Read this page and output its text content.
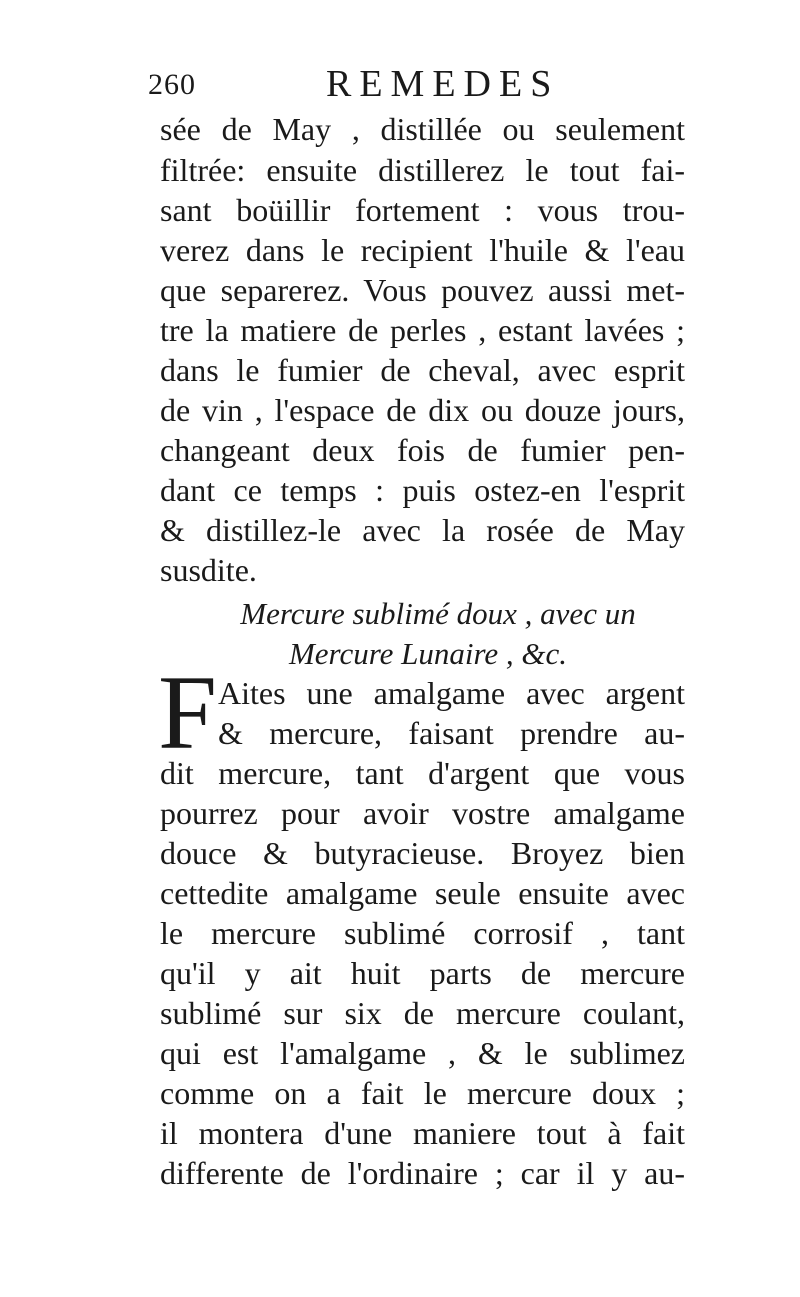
260	REMEDES
sée de May , distillée ou seulement
filtrée: ensuite distillerez le tout fai-
sant boüillir fortement : vous trou-
verez dans le recipient l'huile & l'eau
que separerez. Vous pouvez aussi met-
tre la matiere de perles , estant lavées ;
dans le fumier de cheval, avec esprit
de vin , l'espace de dix ou douze jours,
changeant deux fois de fumier pen-
dant ce temps : puis ostez-en l'esprit
& distillez-le avec la rosée de May
susdite.
Mercure sublimé doux , avec un
Mercure Lunaire , &c.
F Aites une amalgame avec argent
& mercure, faisant prendre au-
dit mercure, tant d'argent que vous
pourrez pour avoir vostre amalgame
douce & butyracieuse. Broyez bien
cettedite amalgame seule ensuite avec
le mercure sublimé corrosif , tant
qu'il y ait huit parts de mercure
sublimé sur six de mercure coulant,
qui est l'amalgame , & le sublimez
comme on a fait le mercure doux ;
il montera d'une maniere tout à fait
differente de l'ordinaire ; car il y au-
